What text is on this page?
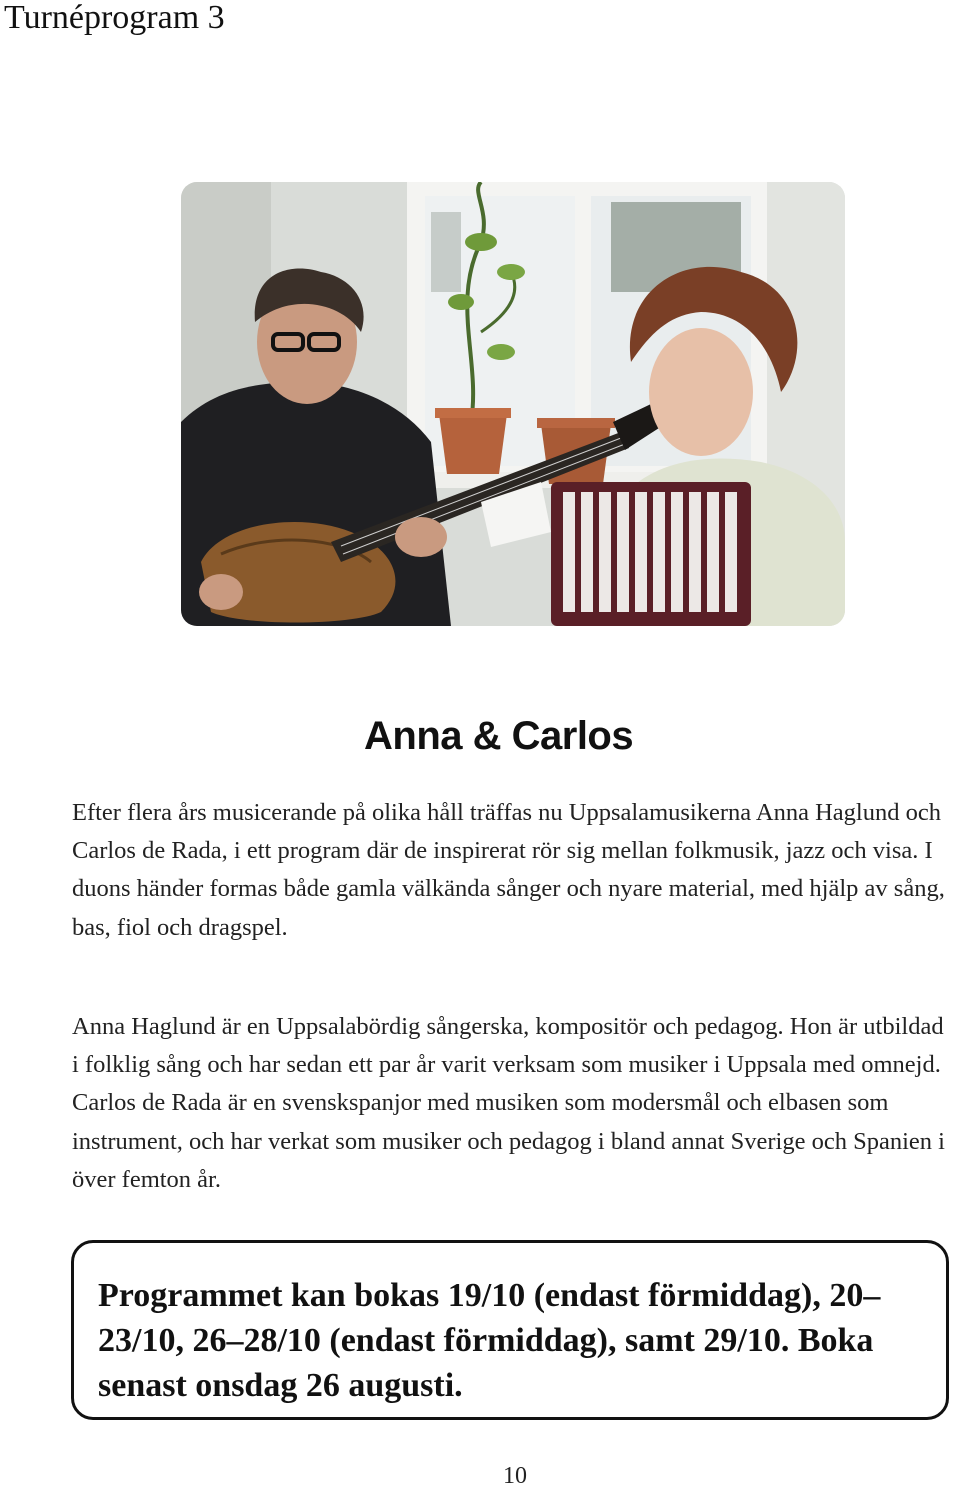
Turnéprogram 3
Anna & Carlos

Efter flera års musicerande på olika håll träffas nu Uppsalamusikerna Anna Haglund och Carlos de Rada, i ett program där de inspirerat rör sig mellan folkmusik, jazz och visa. I duons händer formas både gamla välkända sånger och nyare material, med hjälp av sång, bas, fiol och dragspel.

Anna Haglund är en Uppsalabördig sångerska, kompositör och pedagog. Hon är utbildad i folklig sång och har sedan ett par år varit verksam som musiker i Uppsala med omnejd. Carlos de Rada är en svenskspanjor med musiken som modersmål och elbasen som instrument, och har verkat som musiker och pedagog i bland annat Sverige och Spanien i över femton år.

Programmet kan bokas 19/10 (endast förmiddag), 20–23/10, 26–28/10 (endast förmiddag), samt 29/10. Boka senast onsdag 26 augusti.

10
